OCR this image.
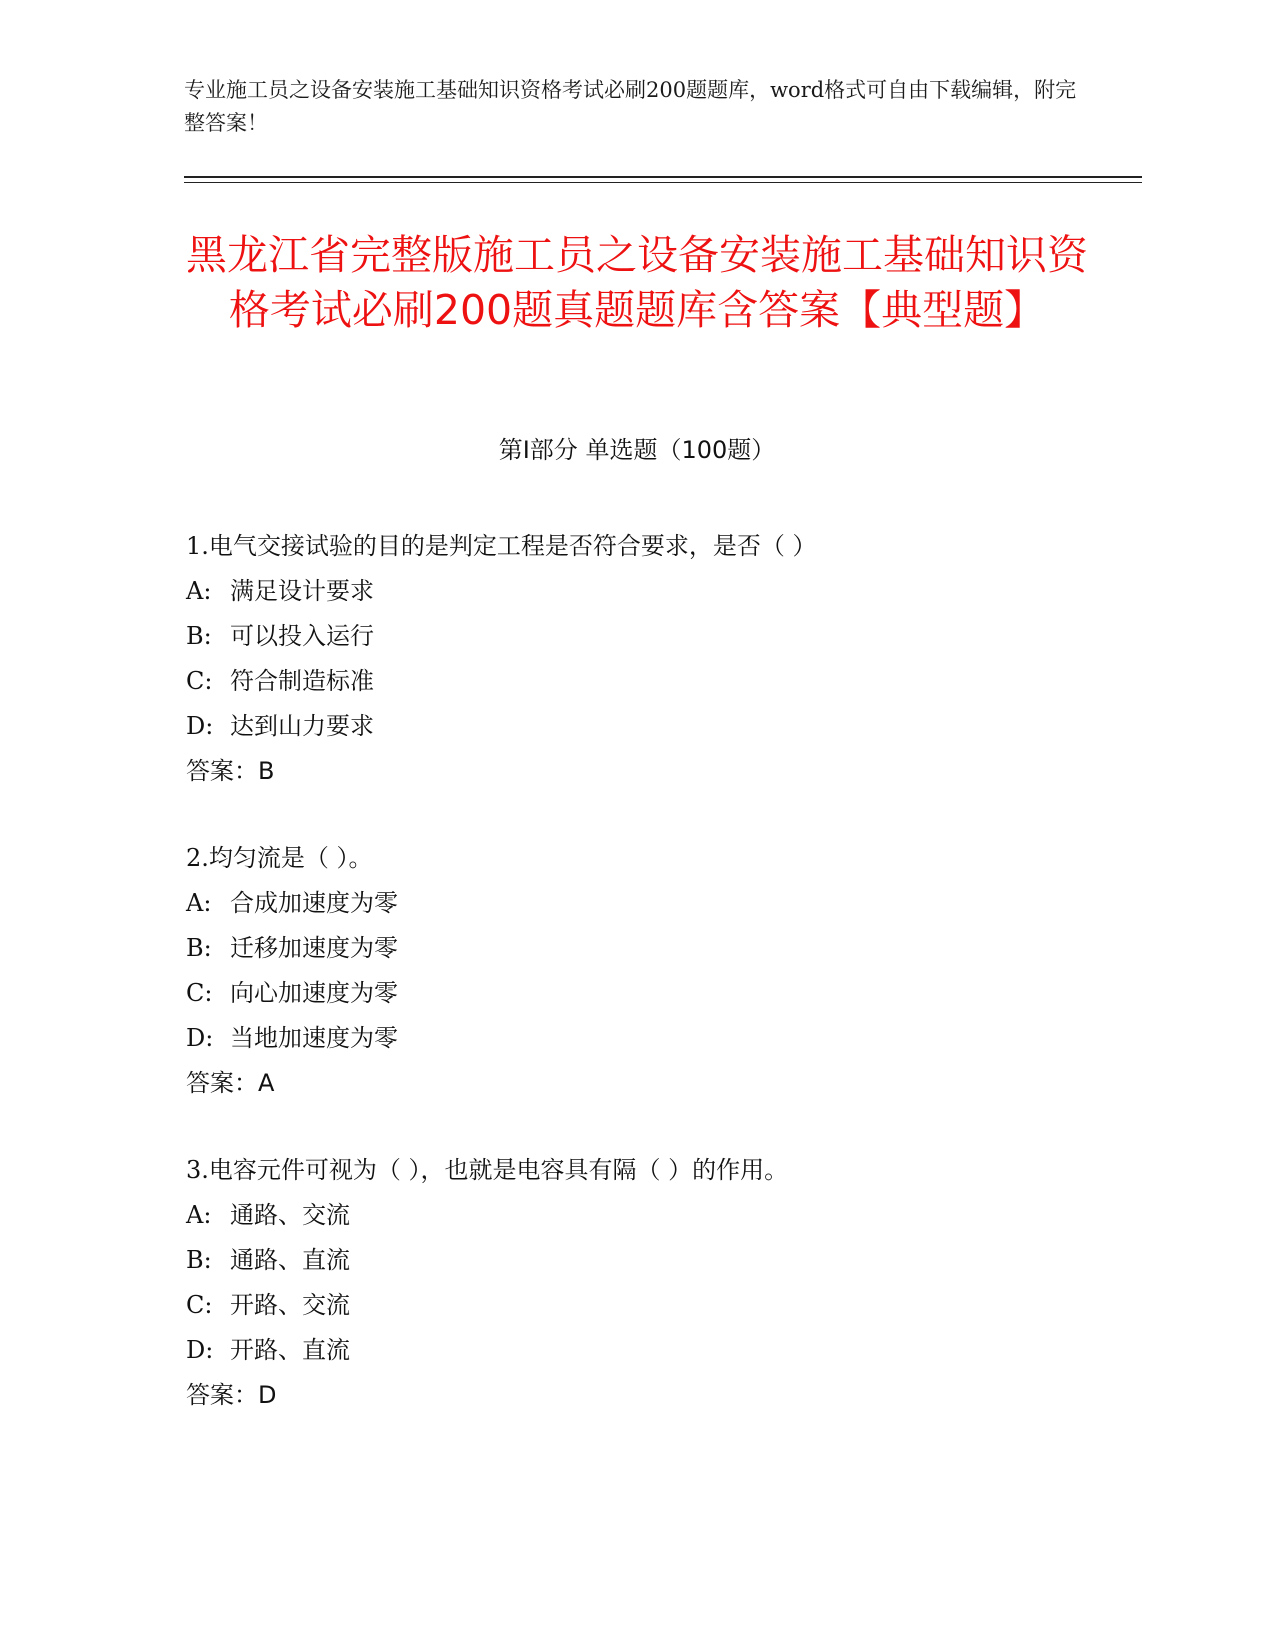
专业施工员之设备安装施工基础知识资格考试必刷200题题库，word格式可自由下载编辑，附完整答案！
黑龙江省完整版施工员之设备安装施工基础知识资格考试必刷200题真题题库含答案【典型题】
第I部分 单选题（100题）
1.电气交接试验的目的是判定工程是否符合要求，是否（ ）
A: 满足设计要求
B: 可以投入运行
C: 符合制造标准
D: 达到山力要求
答案：B
2.均匀流是（ ）。
A: 合成加速度为零
B: 迁移加速度为零
C: 向心加速度为零
D: 当地加速度为零
答案：A
3.电容元件可视为（ ），也就是电容具有隔（ ）的作用。
A: 通路、交流
B: 通路、直流
C: 开路、交流
D: 开路、直流
答案：D
